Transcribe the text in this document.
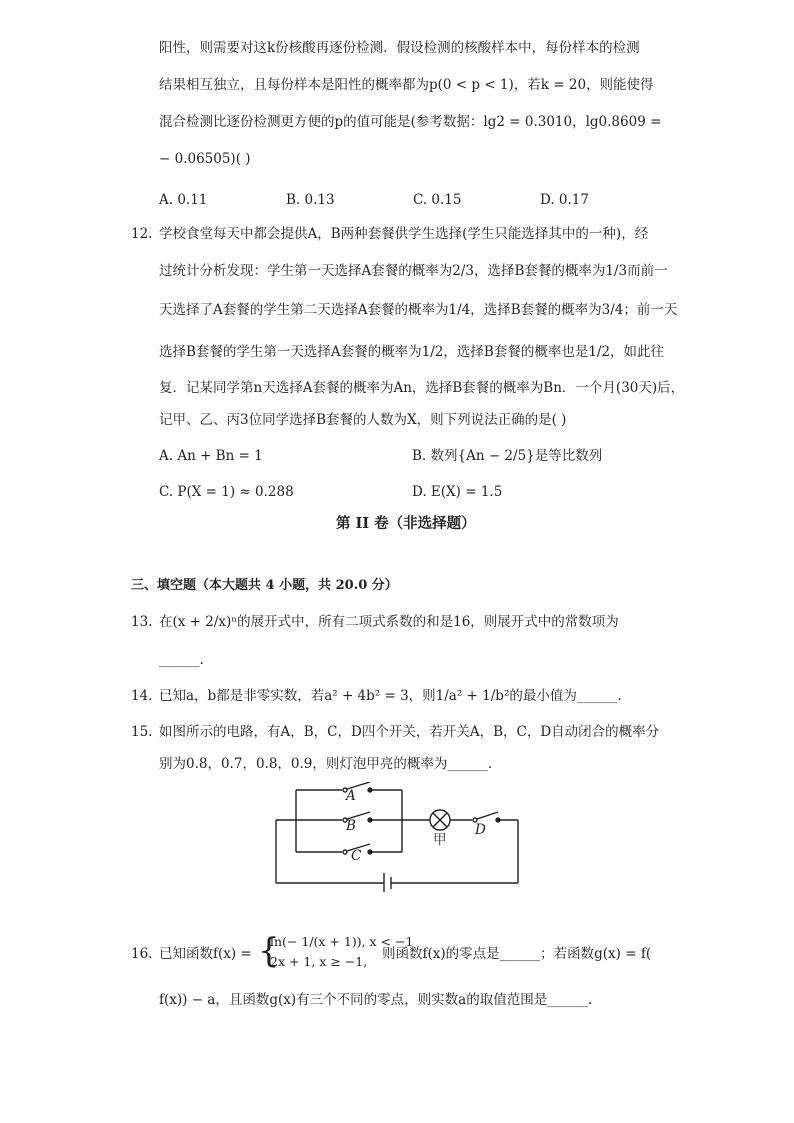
阳性，则需要对这k份核酸再逐份检测．假设检测的核酸样本中，每份样本的检测
结果相互独立，且每份样本是阳性的概率都为p(0 < p < 1)，若k = 20，则能使得
混合检测比逐份检测更方便的p的值可能是(参考数据：lg2 = 0.3010，lg0.8609 =
− 0.06505)( )
A. 0.11	B. 0.13	C. 0.15	D. 0.17
12. 学校食堂每天中都会提供A，B两种套餐供学生选择(学生只能选择其中的一种)，经
过统计分析发现：学生第一天选择A套餐的概率为2/3，选择B套餐的概率为1/3而前一
天选择了A套餐的学生第二天选择A套餐的概率为1/4，选择B套餐的概率为3/4；前一天
选择B套餐的学生第一天选择A套餐的概率为1/2，选择B套餐的概率也是1/2，如此往
复．记某同学第n天选择A套餐的概率为An，选择B套餐的概率为Bn．一个月(30天)后，
记甲、乙、丙3位同学选择B套餐的人数为X，则下列说法正确的是( )
A. An + Bn = 1	B. 数列{An − 2/5}是等比数列
C. P(X = 1) ≈ 0.288	D. E(X) = 1.5
第 II 卷（非选择题）
三、填空题（本大题共 4 小题，共 20.0 分）
13. 在(x + 2/x)ⁿ的展开式中，所有二项式系数的和是16，则展开式中的常数项为
______.
14. 已知a，b都是非零实数，若a² + 4b² = 3，则1/a² + 1/b²的最小值为______.
15. 如图所示的电路，有A，B，C，D四个开关，若开关A，B，C，D自动闭合的概率分
别为0.8，0.7，0.8，0.9，则灯泡甲亮的概率为______.
A
B
C
甲
D
16. 已知函数f(x) = {
ln(− 1/(x + 1)), x < −1
2x + 1, x ≥ −1, 则函数f(x)的零点是______；若函数g(x) = f(
f(x)) − a，且函数g(x)有三个不同的零点，则实数a的取值范围是______.
